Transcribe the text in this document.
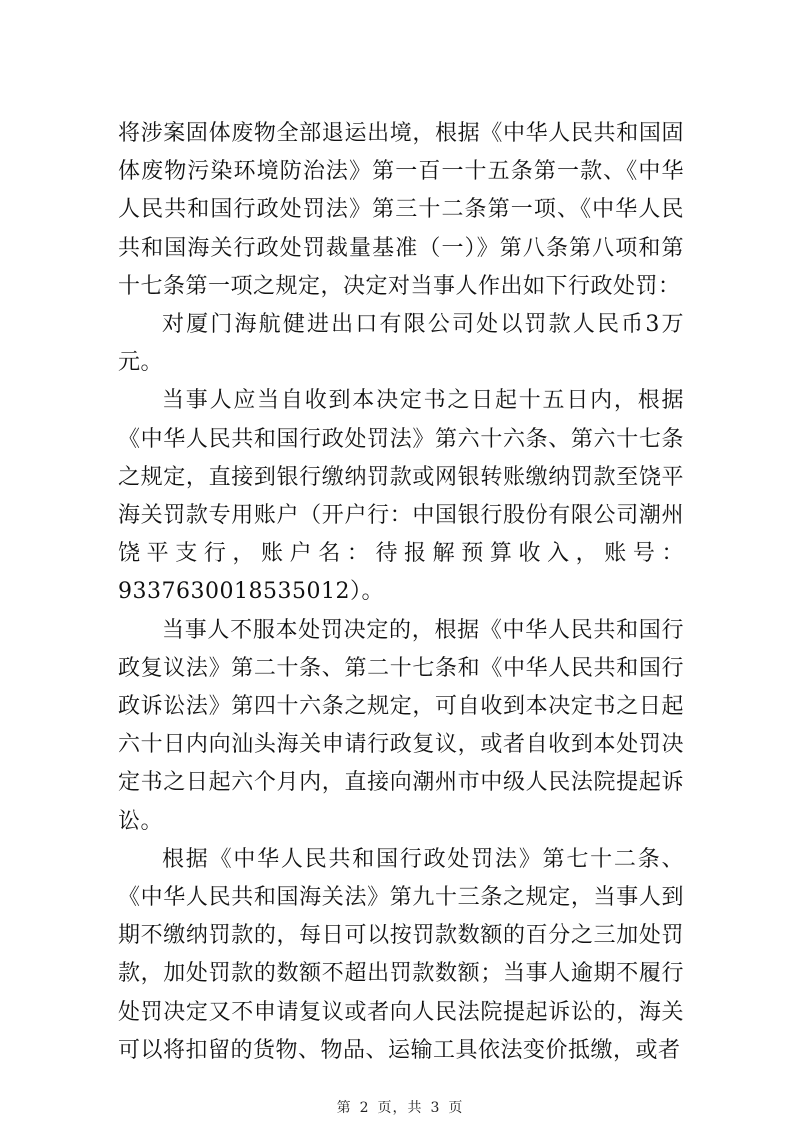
将涉案固体废物全部退运出境，根据《中华人民共和国固体废物污染环境防治法》第一百一十五条第一款、《中华人民共和国行政处罚法》第三十二条第一项、《中华人民共和国海关行政处罚裁量基准（一）》第八条第八项和第十七条第一项之规定，决定对当事人作出如下行政处罚：

对厦门海航健进出口有限公司处以罚款人民币3万元。

当事人应当自收到本决定书之日起十五日内，根据《中华人民共和国行政处罚法》第六十六条、第六十七条之规定，直接到银行缴纳罚款或网银转账缴纳罚款至饶平海关罚款专用账户（开户行：中国银行股份有限公司潮州饶平支行，账户名：待报解预算收入，账号：9337630018535012）。

当事人不服本处罚决定的，根据《中华人民共和国行政复议法》第二十条、第二十七条和《中华人民共和国行政诉讼法》第四十六条之规定，可自收到本决定书之日起六十日内向汕头海关申请行政复议，或者自收到本处罚决定书之日起六个月内，直接向潮州市中级人民法院提起诉讼。

根据《中华人民共和国行政处罚法》第七十二条、《中华人民共和国海关法》第九十三条之规定，当事人到期不缴纳罚款的，每日可以按罚款数额的百分之三加处罚款，加处罚款的数额不超出罚款数额；当事人逾期不履行处罚决定又不申请复议或者向人民法院提起诉讼的，海关可以将扣留的货物、物品、运输工具依法变价抵缴，或者

第 2 页，共 3 页
